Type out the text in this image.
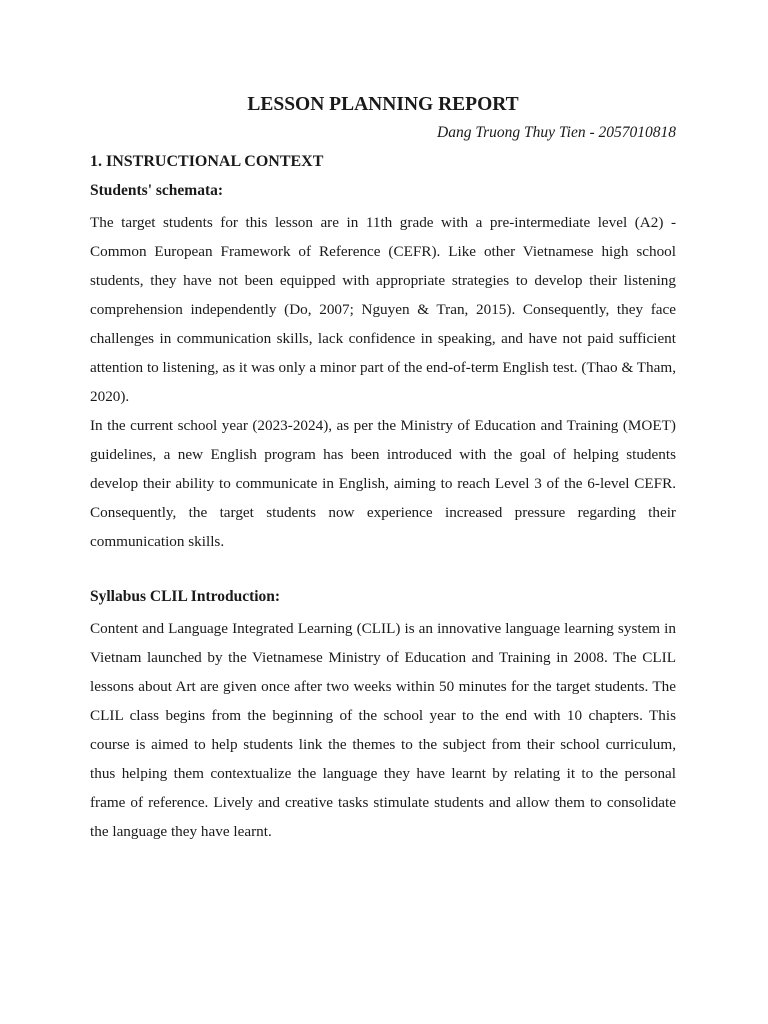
LESSON PLANNING REPORT
Dang Truong Thuy Tien - 2057010818
1. INSTRUCTIONAL CONTEXT
Students' schemata:

The target students for this lesson are in 11th grade with a pre-intermediate level (A2) - Common European Framework of Reference (CEFR). Like other Vietnamese high school students, they have not been equipped with appropriate strategies to develop their listening comprehension independently (Do, 2007; Nguyen & Tran, 2015). Consequently, they face challenges in communication skills, lack confidence in speaking, and have not paid sufficient attention to listening, as it was only a minor part of the end-of-term English test. (Thao & Tham, 2020).

In the current school year (2023-2024), as per the Ministry of Education and Training (MOET) guidelines, a new English program has been introduced with the goal of helping students develop their ability to communicate in English, aiming to reach Level 3 of the 6-level CEFR. Consequently, the target students now experience increased pressure regarding their communication skills.

Syllabus CLIL Introduction:

Content and Language Integrated Learning (CLIL) is an innovative language learning system in Vietnam launched by the Vietnamese Ministry of Education and Training in 2008. The CLIL lessons about Art are given once after two weeks within 50 minutes for the target students. The CLIL class begins from the beginning of the school year to the end with 10 chapters. This course is aimed to help students link the themes to the subject from their school curriculum, thus helping them contextualize the language they have learnt by relating it to the personal frame of reference. Lively and creative tasks stimulate students and allow them to consolidate the language they have learnt.
